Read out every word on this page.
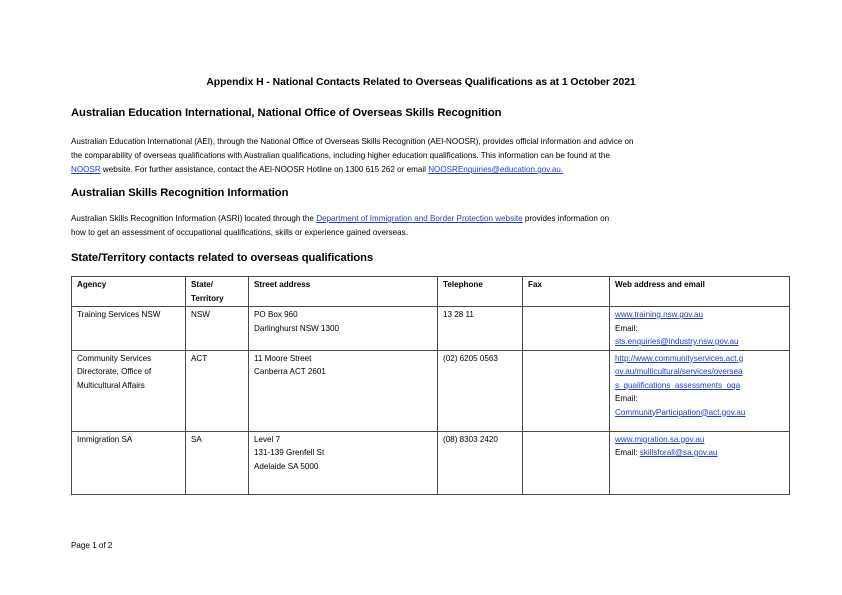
Appendix H - National Contacts Related to Overseas Qualifications as at 1 October 2021
Australian Education International, National Office of Overseas Skills Recognition
Australian Education International (AEI), through the National Office of Overseas Skills Recognition (AEI-NOOSR), provides official information and advice on
the comparability of overseas qualifications with Australian qualifications, including higher education qualifications. This information can be found at the
NOOSR website. For further assistance, contact the AEI-NOOSR Hotline on 1300 615 262 or email NOOSREnquiries@education.gov.au.
Australian Skills Recognition Information
Australian Skills Recognition Information (ASRI) located through the Department of Immigration and Border Protection website provides information on
how to get an assessment of occupational qualifications, skills or experience gained overseas.
State/Territory contacts related to overseas qualifications
Agency	State/
Territory	Street address	Telephone	Fax	Web address and email

Training Services NSW	NSW	PO Box 960
Darlinghurst NSW 1300	13 28 11		www.training.nsw.gov.au
Email:
sts.enquiries@industry.nsw.gov.au

Community Services
Directorate, Office of
Multicultural Affairs	ACT	11 Moore Street
Canberra ACT 2601	(02) 6205 0563		http://www.communityservices.act.g
ov.au/multicultural/services/oversea
s_qualifications_assessments_oqa
Email:
CommunityParticipation@act.gov.au

Immigration SA	SA	Level 7
131-139 Grenfell St
Adelaide SA 5000	(08) 8303 2420		www.migration.sa.gov.au
Email: skillsforall@sa.gov.au
Page 1 of 2
